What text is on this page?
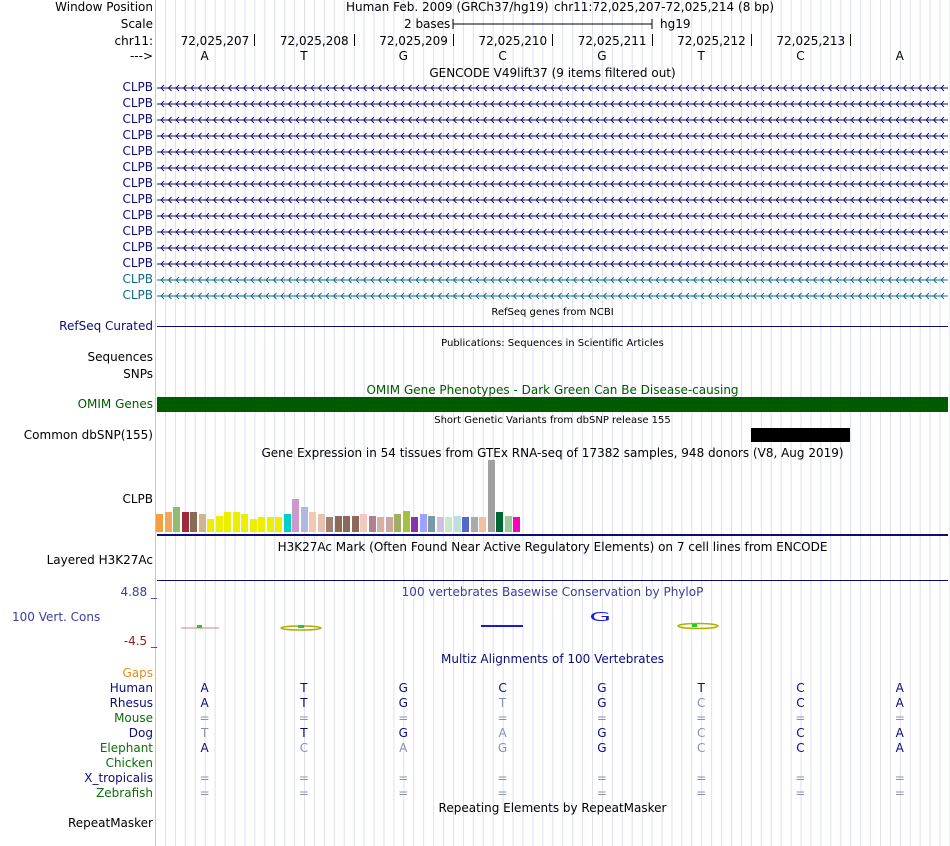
Window Position	Human Feb. 2009 (GRCh37/hg19) chr11:72,025,207-72,025,214 (8 bp)
Scale	2 bases	hg19
chr11: 72,025,207	72,025,208	72,025,209	72,025,210	72,025,211	72,025,212	72,025,213
--->	A	T	G	C	G	T	C	A
GENCODE V49lift37 (9 items filtered out)
CLPB
CLPB
CLPB
CLPB
CLPB
CLPB
CLPB
CLPB
CLPB
CLPB
CLPB
CLPB
CLPB
CLPB
RefSeq genes from NCBI
RefSeq Curated
Publications: Sequences in Scientific Articles
Sequences
SNPs
OMIM Gene Phenotypes - Dark Green Can Be Disease-causing
OMIM Genes
Short Genetic Variants from dbSNP release 155
Common dbSNP(155)
Gene Expression in 54 tissues from GTEx RNA-seq of 17382 samples, 948 donors (V8, Aug 2019)
CLPB
H3K27Ac Mark (Often Found Near Active Regulatory Elements) on 7 cell lines from ENCODE
Layered H3K27Ac
100 vertebrates Basewise Conservation by PhyloP
4.88 _
100 Vert. Cons
-4.5 _
G
Multiz Alignments of 100 Vertebrates
Gaps
Human	A	T	G	C	G	T	C	A
Rhesus	A	T	G	T	G	C	C	A
Mouse	=	=	=	=	=	=	=	=
Dog	T	T	G	A	G	C	C	A
Elephant	A	C	A	G	G	C	C	A
Chicken
X_tropicalis	=	=	=	=	=	=	=	=
Zebrafish	=	=	=	=	=	=	=	=
Repeating Elements by RepeatMasker
RepeatMasker
